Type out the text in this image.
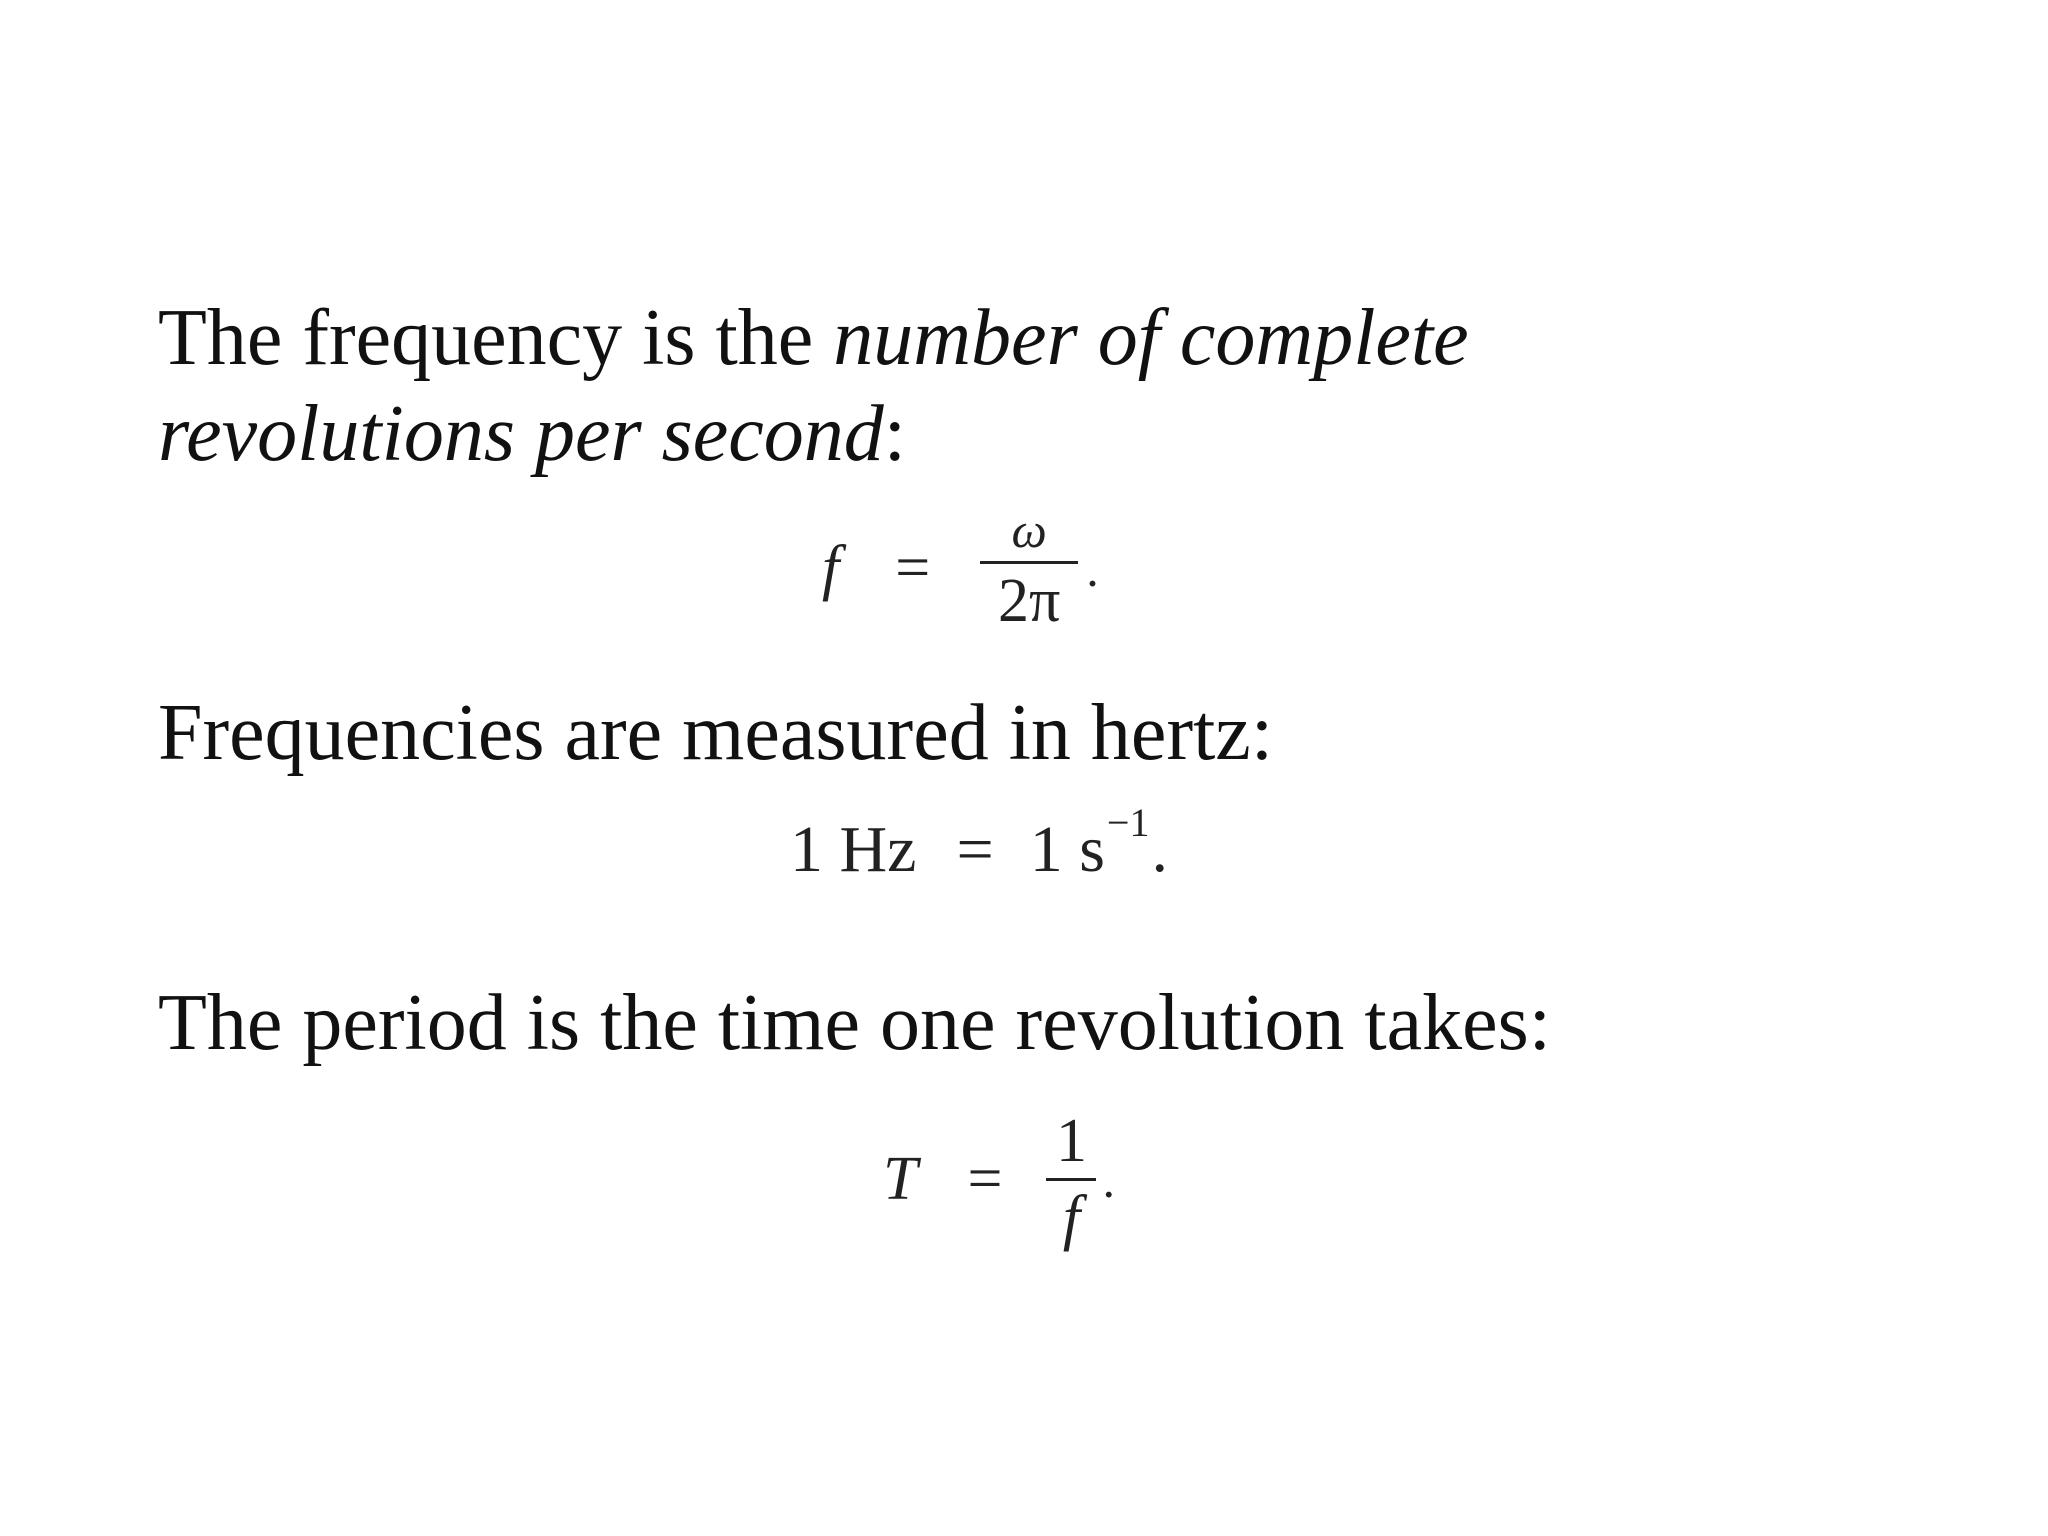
The frequency is the number of complete
revolutions per second:

$f = \frac{\omega}{2\pi}$ .

Frequencies are measured in hertz:

1 Hz = 1 $s^{-1}$ .

The period is the time one revolution takes:

$T = \frac{1}{f}$ .
